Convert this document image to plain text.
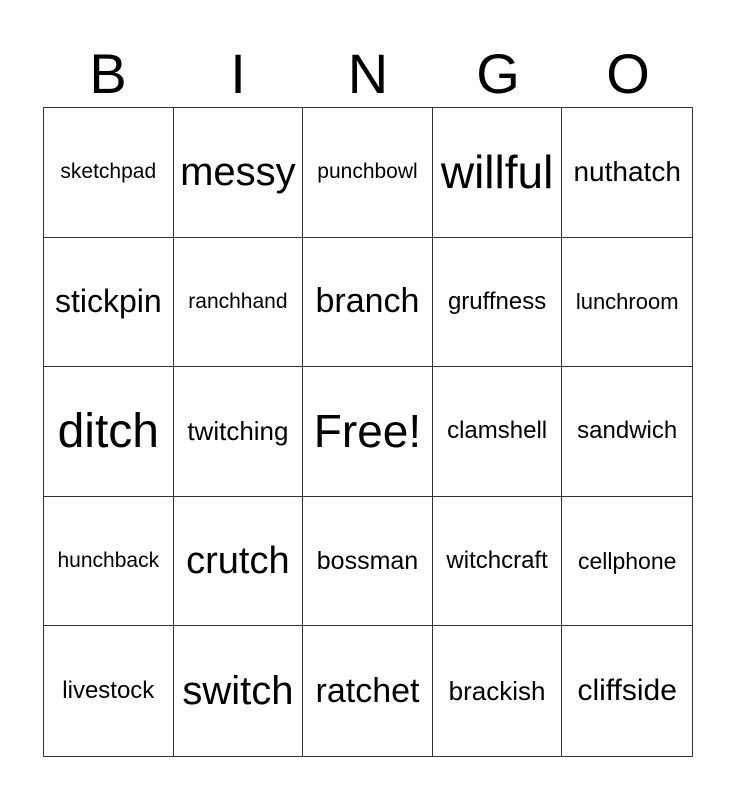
B	I	N	G	O
sketchpad messy punchbowl willful nuthatch
stickpin ranchhand branch gruffness lunchroom
ditch twitching Free! clamshell sandwich
hunchback crutch bossman witchcraft cellphone
livestock switch ratchet brackish cliffside
